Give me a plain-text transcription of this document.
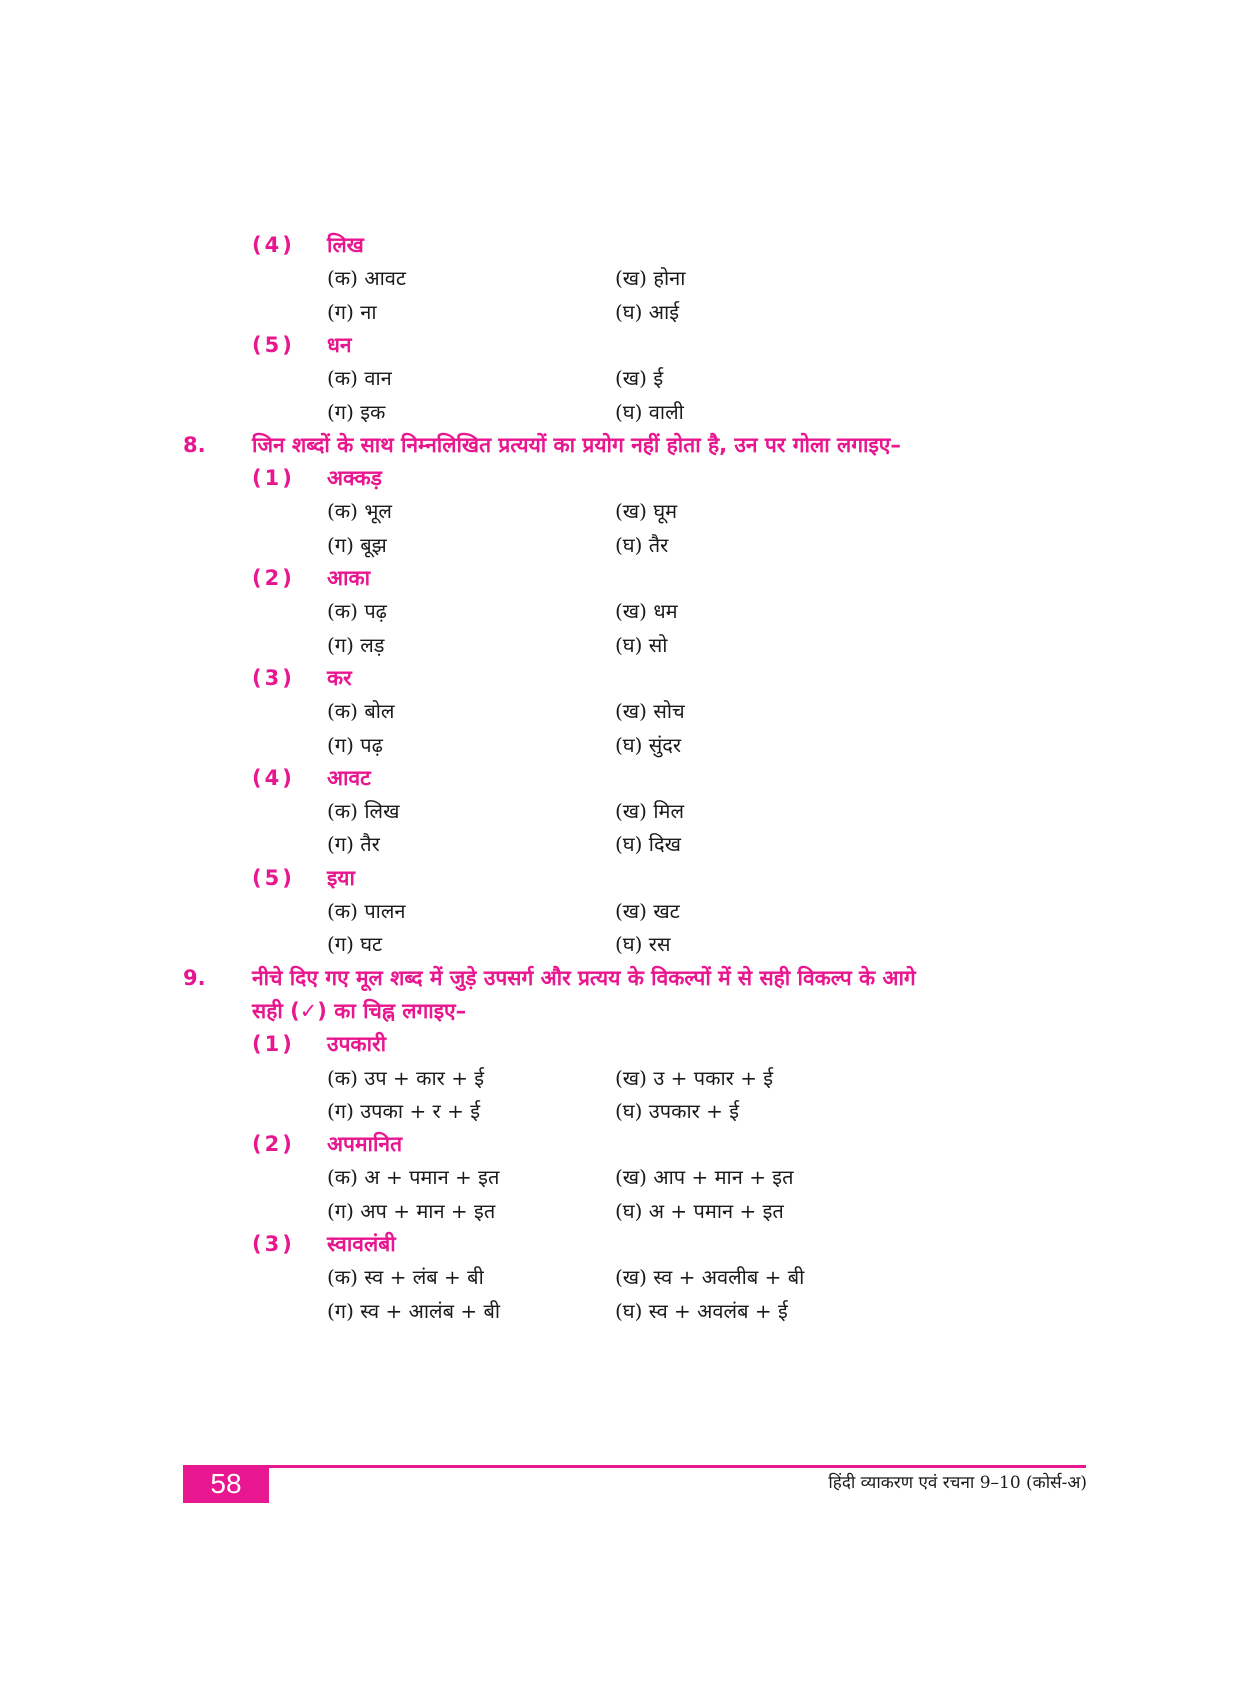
(4) लिख
(क) आवट	(ख) होना
(ग) ना	(घ) आई
(5) धन
(क) वान	(ख) ई
(ग) इक	(घ) वाली
8. जिन शब्दों के साथ निम्नलिखित प्रत्ययों का प्रयोग नहीं होता है, उन पर गोला लगाइए–
(1) अक्कड़
(क) भूल	(ख) घूम
(ग) बूझ	(घ) तैर
(2) आका
(क) पढ़	(ख) धम
(ग) लड़	(घ) सो
(3) कर
(क) बोल	(ख) सोच
(ग) पढ़	(घ) सुंदर
(4) आवट
(क) लिख	(ख) मिल
(ग) तैर	(घ) दिख
(5) इया
(क) पालन	(ख) खट
(ग) घट	(घ) रस
9. नीचे दिए गए मूल शब्द में जुड़े उपसर्ग और प्रत्यय के विकल्पों में से सही विकल्प के आगे
सही (✓) का चिह्न लगाइए–
(1) उपकारी
(क) उप + कार + ई	(ख) उ + पकार + ई
(ग) उपका + र + ई	(घ) उपकार + ई
(2) अपमानित
(क) अ + पमान + इत	(ख) आप + मान + इत
(ग) अप + मान + इत	(घ) अ + पमान + इत
(3) स्वावलंबी
(क) स्व + लंब + बी	(ख) स्व + अवलीब + बी
(ग) स्व + आलंब + बी	(घ) स्व + अवलंब + ई
58	हिंदी व्याकरण एवं रचना 9–10 (कोर्स-अ)
